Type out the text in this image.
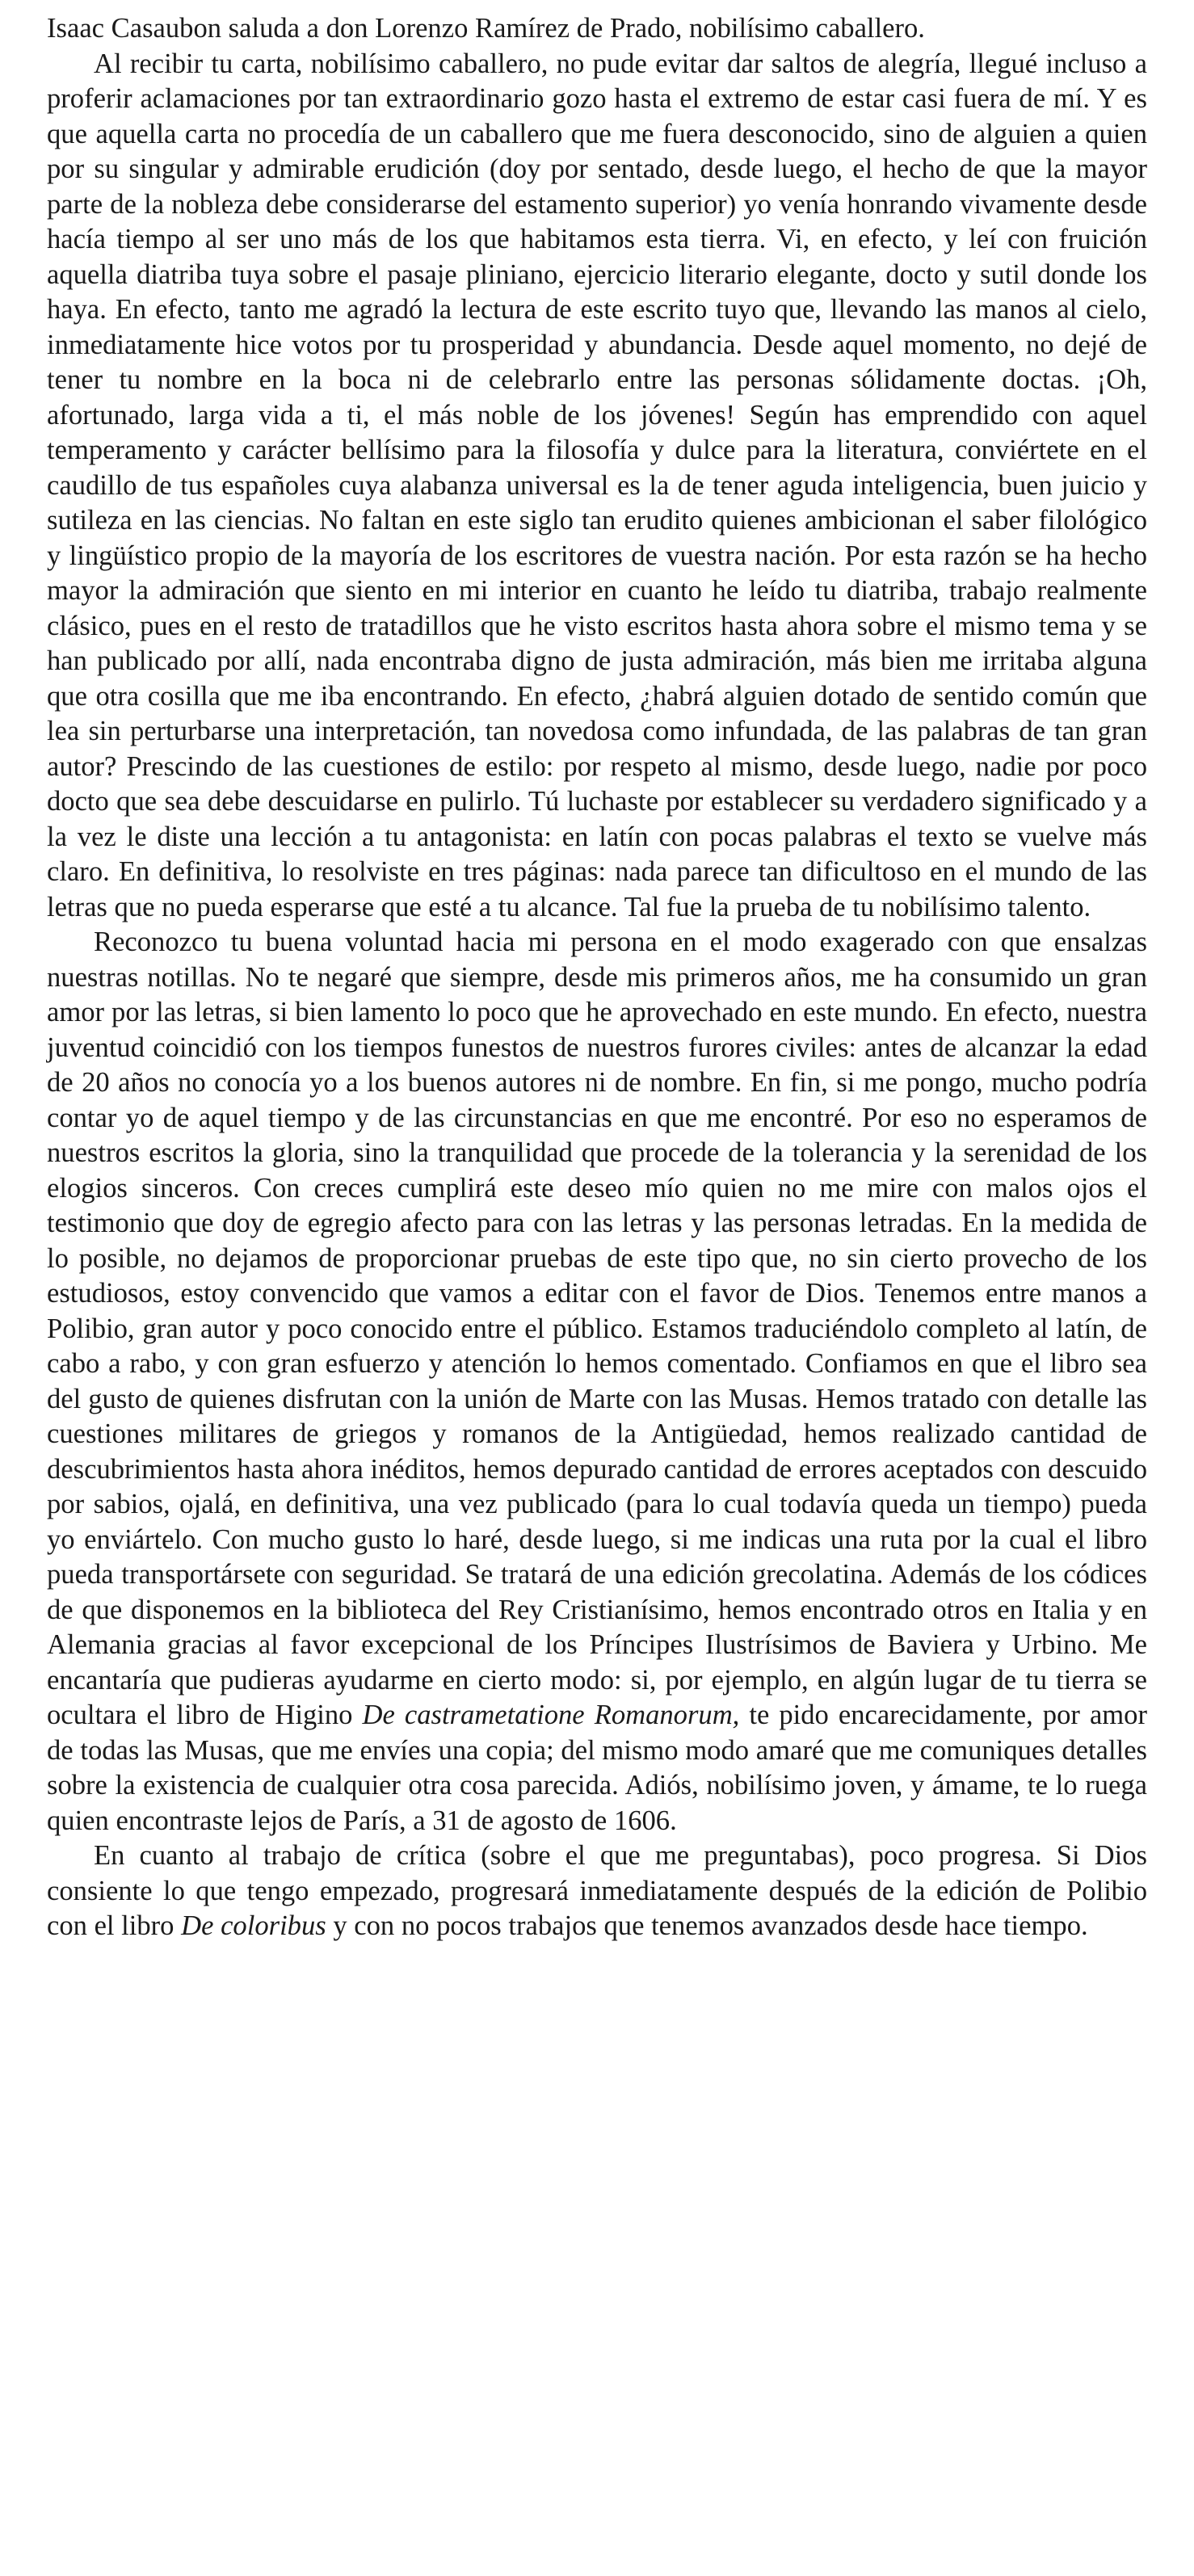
Isaac Casaubon saluda a don Lorenzo Ramírez de Prado, nobilísimo caballero.

Al recibir tu carta, nobilísimo caballero, no pude evitar dar saltos de alegría, llegué incluso a proferir aclamaciones por tan extraordinario gozo hasta el extremo de estar casi fuera de mí. Y es que aquella carta no procedía de un caballero que me fuera desconocido, sino de alguien a quien por su singular y admirable erudición (doy por sentado, desde luego, el hecho de que la mayor parte de la nobleza debe considerarse del estamento superior) yo venía honrando vivamente desde hacía tiempo al ser uno más de los que habitamos esta tierra. Vi, en efecto, y leí con fruición aquella diatriba tuya sobre el pasaje pliniano, ejercicio literario elegante, docto y sutil donde los haya. En efecto, tanto me agradó la lectura de este escrito tuyo que, llevando las manos al cielo, inmediatamente hice votos por tu prosperidad y abundancia. Desde aquel momento, no dejé de tener tu nombre en la boca ni de celebrarlo entre las personas sólidamente doctas. ¡Oh, afortunado, larga vida a ti, el más noble de los jóvenes! Según has emprendido con aquel temperamento y carácter bellísimo para la filosofía y dulce para la literatura, conviértete en el caudillo de tus españoles cuya alabanza universal es la de tener aguda inteligencia, buen juicio y sutileza en las ciencias. No faltan en este siglo tan erudito quienes ambicionan el saber filológico y lingüístico propio de la mayoría de los escritores de vuestra nación. Por esta razón se ha hecho mayor la admiración que siento en mi interior en cuanto he leído tu diatriba, trabajo realmente clásico, pues en el resto de tratadillos que he visto escritos hasta ahora sobre el mismo tema y se han publicado por allí, nada encontraba digno de justa admiración, más bien me irritaba alguna que otra cosilla que me iba encontrando. En efecto, ¿habrá alguien dotado de sentido común que lea sin perturbarse una interpretación, tan novedosa como infundada, de las palabras de tan gran autor? Prescindo de las cuestiones de estilo: por respeto al mismo, desde luego, nadie por poco docto que sea debe descuidarse en pulirlo. Tú luchaste por establecer su verdadero significado y a la vez le diste una lección a tu antagonista: en latín con pocas palabras el texto se vuelve más claro. En definitiva, lo resolviste en tres páginas: nada parece tan dificultoso en el mundo de las letras que no pueda esperarse que esté a tu alcance. Tal fue la prueba de tu nobilísimo talento.

Reconozco tu buena voluntad hacia mi persona en el modo exagerado con que ensalzas nuestras notillas. No te negaré que siempre, desde mis primeros años, me ha consumido un gran amor por las letras, si bien lamento lo poco que he aprovechado en este mundo. En efecto, nuestra juventud coincidió con los tiempos funestos de nuestros furores civiles: antes de alcanzar la edad de 20 años no conocía yo a los buenos autores ni de nombre. En fin, si me pongo, mucho podría contar yo de aquel tiempo y de las circunstancias en que me encontré. Por eso no esperamos de nuestros escritos la gloria, sino la tranquilidad que procede de la tolerancia y la serenidad de los elogios sinceros. Con creces cumplirá este deseo mío quien no me mire con malos ojos el testimonio que doy de egregio afecto para con las letras y las personas letradas. En la medida de lo posible, no dejamos de proporcionar pruebas de este tipo que, no sin cierto provecho de los estudiosos, estoy convencido que vamos a editar con el favor de Dios. Tenemos entre manos a Polibio, gran autor y poco conocido entre el público. Estamos traduciéndolo completo al latín, de cabo a rabo, y con gran esfuerzo y atención lo hemos comentado. Confiamos en que el libro sea del gusto de quienes disfrutan con la unión de Marte con las Musas. Hemos tratado con detalle las cuestiones militares de griegos y romanos de la Antigüedad, hemos realizado cantidad de descubrimientos hasta ahora inéditos, hemos depurado cantidad de errores aceptados con descuido por sabios, ojalá, en definitiva, una vez publicado (para lo cual todavía queda un tiempo) pueda yo enviártelo. Con mucho gusto lo haré, desde luego, si me indicas una ruta por la cual el libro pueda transportársete con seguridad. Se tratará de una edición grecolatina. Además de los códices de que disponemos en la biblioteca del Rey Cristianísimo, hemos encontrado otros en Italia y en Alemania gracias al favor excepcional de los Príncipes Ilustrísimos de Baviera y Urbino. Me encantaría que pudieras ayudarme en cierto modo: si, por ejemplo, en algún lugar de tu tierra se ocultara el libro de Higino De castrametatione Romanorum, te pido encarecidamente, por amor de todas las Musas, que me envíes una copia; del mismo modo amaré que me comuniques detalles sobre la existencia de cualquier otra cosa parecida. Adiós, nobilísimo joven, y ámame, te lo ruega quien encontraste lejos de París, a 31 de agosto de 1606.

En cuanto al trabajo de crítica (sobre el que me preguntabas), poco progresa. Si Dios consiente lo que tengo empezado, progresará inmediatamente después de la edición de Polibio con el libro De coloribus y con no pocos trabajos que tenemos avanzados desde hace tiempo.
